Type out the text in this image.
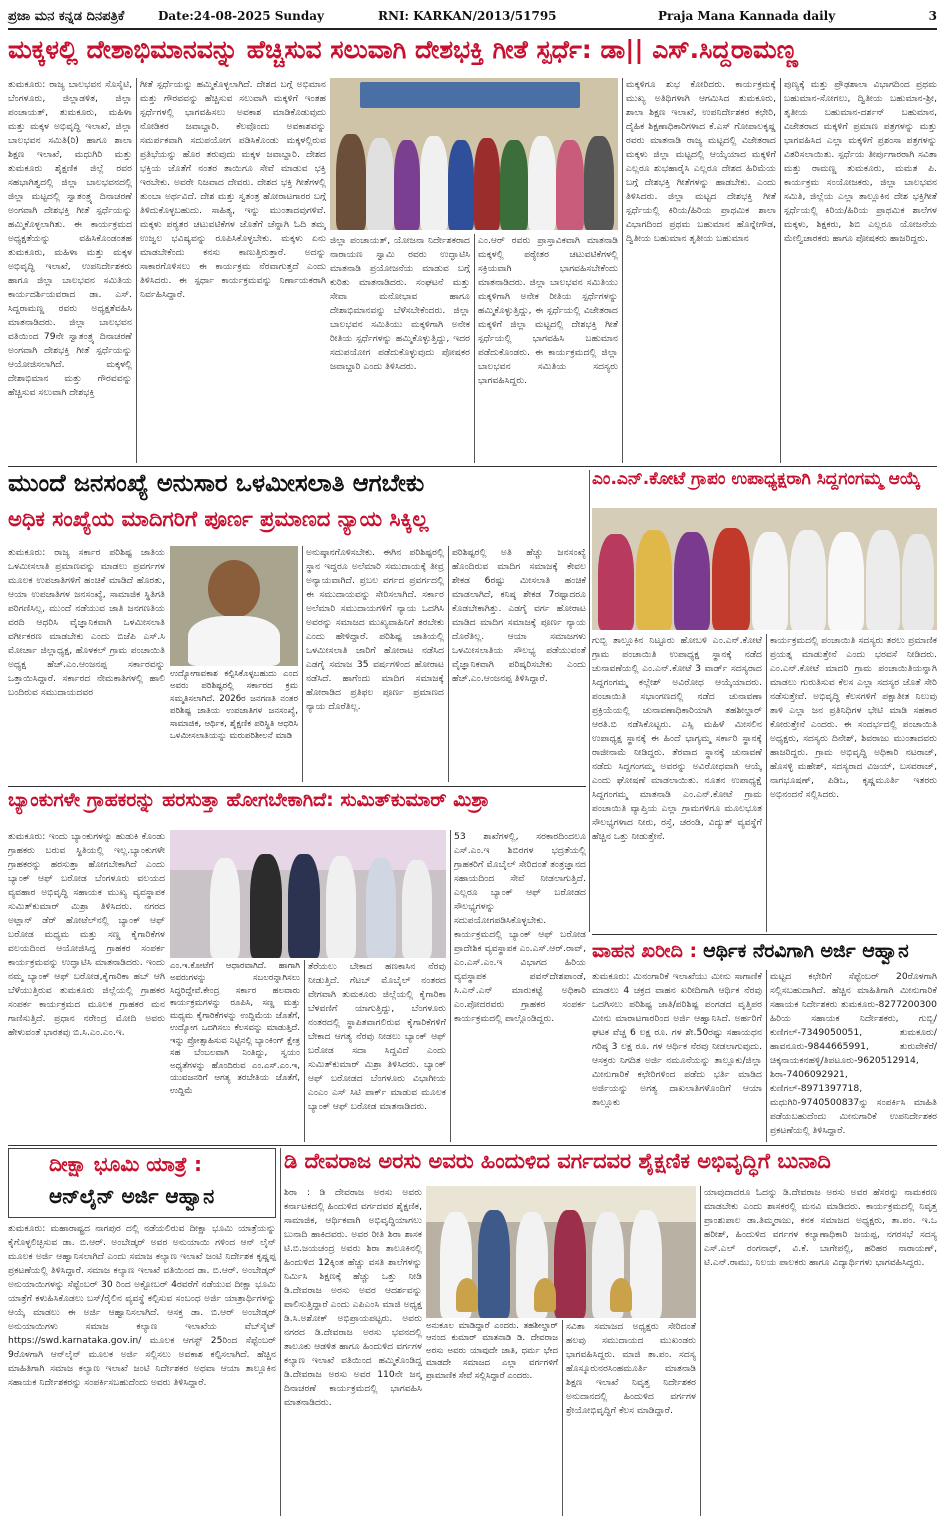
ಪ್ರಜಾ ಮನ ಕನ್ನಡ ದಿನಪತ್ರಿಕೆ	Date:24-08-2025 Sunday	RNI: KARKAN/2013/51795	Praja Mana Kannada daily	3
ಮಕ್ಕಳಲ್ಲಿ ದೇಶಾಭಿಮಾನವನ್ನು ಹೆಚ್ಚಿಸುವ ಸಲುವಾಗಿ ದೇಶಭಕ್ತಿ ಗೀತೆ ಸ್ಪರ್ಧೆ: ಡಾ|| ಎಸ್.ಸಿದ್ದರಾಮಣ್ಣ
ತುಮಕೂರು: ರಾಜ್ಯ ಬಾಲಭವನ ಸೊಸೈಟಿ, ಬೆಂಗಳೂರು, ಜಿಲ್ಲಾಡಳಿತ, ಜಿಲ್ಲಾ ಪಂಚಾಯತ್, ತುಮಕೂರು, ಮಹಿಳಾ ಮತ್ತು ಮಕ್ಕಳ ಅಭಿವೃದ್ಧಿ ಇಲಾಖೆ, ಜಿಲ್ಲಾ ಬಾಲಭವನ ಸಮಿತಿ(ರಿ) ಹಾಗೂ ಶಾಲಾ ಶಿಕ್ಷಣ ಇಲಾಖೆ, ಮಧುಗಿರಿ ಮತ್ತು ತುಮಕೂರು ಶೈಕ್ಷಣಿಕ ಜಿಲ್ಲೆ ರವರ ಸಹಭಾಗಿತ್ವದಲ್ಲಿ ಜಿಲ್ಲಾ ಬಾಲಭವನದಲ್ಲಿ ಜಿಲ್ಲಾ ಮಟ್ಟದಲ್ಲಿ ಸ್ವಾತಂತ್ರ್ಯ ದಿನಾಚರಣೆ ಅಂಗವಾಗಿ ದೇಶಭಕ್ತಿ ಗೀತೆ ಸ್ಪರ್ಧೆಯನ್ನು ಹಮ್ಮಿಕೊಳ್ಳಲಾಗಿತು. ಈ ಕಾರ್ಯಕ್ರಮದ ಅಧ್ಯಕ್ಷತೆಯನ್ನು ವಹಿಸಿಕೊಂಡಂತಹ ತುಮಕೂರು, ಮಹಿಳಾ ಮತ್ತು ಮಕ್ಕಳ ಅಭಿವೃದ್ಧಿ ಇಲಾಖೆ, ಉಪನಿರ್ದೇಶಕರು ಹಾಗೂ ಜಿಲ್ಲಾ ಬಾಲಭವನ ಸಮಿತಿಯ ಕಾರ್ಯದರ್ಶಿಯವರಾದ ಡಾ. ಎಸ್. ಸಿದ್ದರಾಮಣ್ಣ ರವರು ಅಧ್ಯಕ್ಷತೆವಹಿಸಿ ಮಾತನಾಡಿದರು. ಜಿಲ್ಲಾ ಬಾಲಭವನ ವತಿಯಿಂದ 79ನೇ ಸ್ವಾತಂತ್ರ್ಯ ದಿನಾಚರಣೆ ಅಂಗವಾಗಿ ದೇಶಭಕ್ತಿ ಗೀತೆ ಸ್ಪರ್ಧೆಯನ್ನು ಆಯೋಜಿಸಲಾಗಿದೆ. ಮಕ್ಕಳಲ್ಲಿ ದೇಶಾಭಿಮಾನ ಮತ್ತು ಗೌರವವನ್ನು ಹೆಚ್ಚಿಸುವ ಸಲುವಾಗಿ ದೇಶಭಕ್ತಿ
ಗೀತೆ ಸ್ಪರ್ಧೆಯನ್ನು ಹಮ್ಮಿಕೊಳ್ಳಲಾಗಿದೆ. ದೇಶದ ಬಗ್ಗೆ ಅಭಿಮಾನ ಮತ್ತು ಗೌರವವನ್ನು ಹೆಚ್ಚಿಸುವ ಸಲುವಾಗಿ ಮಕ್ಕಳಿಗೆ ಇಂತಹ ಸ್ಪರ್ಧೆಗಳಲ್ಲಿ ಭಾಗವಹಿಸಲು ಅವಕಾಶ ಮಾಡಿಕೊಡುವುದು ನೋಡಿಕರ ಜವಾಬ್ದಾರಿ. ಕೆಲವೊಂದು ಅವಕಾಶವನ್ನು ಸಮರ್ಪಕವಾಗಿ ಸದುಪಯೋಗ ಪಡಿಸಿಕೊಂಡು ಮಕ್ಕಳಲ್ಲಿರುವ ಪ್ರತಿಭೆಯನ್ನು ಹೊರ ತರುವುದು ಮಕ್ಕಳ ಜವಾಬ್ದಾರಿ. ದೇಶದ ಭಕ್ತಿಯ ಜೊತೆಗೆ ನಂತರ ತಾಯಿಗೂ ಸೇವೆ ಮಾಡುವ ಭಕ್ತಿ ಇರಬೇಕು. ಅವರೇ ನಿಜವಾದ ದೇವರು. ದೇಶದ ಭಕ್ತಿ ಗೀತೆಗಳಲ್ಲಿ ತುಂಬಾ ಅರ್ಥವಿದೆ. ದೇಶ ಮತ್ತು ಸ್ವತಂತ್ರ ಹೋರಾಟಗಾರರ ಬಗ್ಗೆ ತಿಳಿದುಕೊಳ್ಳಬಹುದು. ಸಾಹಿತ್ಯ, ಇನ್ನು ಮುಂತಾದವುಗಳಿವೆ. ಮಕ್ಕಳು ಪಠ್ಯತರ ಚಟುವಟಿಕೆಗಳ ಜೊತೆಗೆ ಚೆನ್ನಾಗಿ ಓದಿ ತಮ್ಮ ಉಜ್ವಲ ಭವಿಷ್ಯವನ್ನು ರೂಪಿಸಿಕೊಳ್ಳಬೇಕು. ಮಕ್ಕಳು ಏನು ಮಾಡಬೇಕೆಂದು ಕನಸು ಕಾಣುತ್ತಿರುತ್ತಾರೆ. ಅದನ್ನು ಸಾಕಾರಗೊಳಿಸಲು ಈ ಕಾರ್ಯಕ್ರಮ ನೆರವಾಗುತ್ತದೆ ಎಂದು ತಿಳಿಸಿದರು. ಈ ಸ್ಪರ್ಧಾ ಕಾರ್ಯಕ್ರಮವನ್ನು ನಿರ್ಣಾಯಕರಾಗಿ ನಿರ್ವಹಿಸಿದ್ದಾರೆ.
ಜಿಲ್ಲಾ ಪಂಚಾಯತ್, ಯೋಜನಾ ನಿರ್ದೇಶಕರಾದ ನಾರಾಯಣ ಸ್ವಾಮಿ ರವರು ಉದ್ಘಾಟಿಸಿ ಮಾತನಾಡಿ ಪ್ರಯೋಜನೆಯ ಮಾಡುವ ಬಗ್ಗೆ ಕುರಿತು ಮಾತನಾಡಿದರು. ಸಂಘಟನೆ ಮತ್ತು ಸೇವಾ ಮನೋಭಾವ ಹಾಗೂ ದೇಶಾಭಿಮಾನವನ್ನು ಬೆಳೆಸಬೇಕೆಂದರು. ಜಿಲ್ಲಾ ಬಾಲಭವನ ಸಮಿತಿಯು ಮಕ್ಕಳಿಗಾಗಿ ಅನೇಕ ರೀತಿಯ ಸ್ಪರ್ಧೆಗಳನ್ನು ಹಮ್ಮಿಕೊಳ್ಳುತ್ತಿದ್ದು, ಇದರ ಸದುಪಯೋಗ ಪಡೆದುಕೊಳ್ಳುವುದು ಪೋಷಕರ ಜವಾಬ್ದಾರಿ ಎಂದು ತಿಳಿಸಿದರು.
ಎಂ.ಆರ್ ರವರು ಪ್ರಾಸ್ತಾವಿಕವಾಗಿ ಮಾತನಾಡಿ ಮಕ್ಕಳಲ್ಲಿ ಪಠ್ಯೇತರ ಚಟುವಟಿಕೆಗಳಲ್ಲಿ ಸಕ್ರಿಯವಾಗಿ ಭಾಗವಹಿಸಬೇಕೆಂದು ಮಾತನಾಡಿದರು. ಜಿಲ್ಲಾ ಬಾಲಭವನ ಸಮಿತಿಯು ಮಕ್ಕಳಿಗಾಗಿ ಅನೇಕ ರೀತಿಯ ಸ್ಪರ್ಧೆಗಳನ್ನು ಹಮ್ಮಿಕೊಳ್ಳುತ್ತಿದ್ದು, ಈ ಸ್ಪರ್ಧೆಯಲ್ಲಿ ವಿಜೇತರಾದ ಮಕ್ಕಳಿಗೆ ಜಿಲ್ಲಾ ಮಟ್ಟದಲ್ಲಿ ದೇಶಭಕ್ತಿ ಗೀತೆ ಸ್ಪರ್ಧೆಯಲ್ಲಿ ಭಾಗವಹಿಸಿ ಬಹುಮಾನ ಪಡೆದುಕೊಂಡರು. ಈ ಕಾರ್ಯಕ್ರಮದಲ್ಲಿ ಜಿಲ್ಲಾ ಬಾಲಭವನ ಸಮಿತಿಯ ಸದಸ್ಯರು ಭಾಗವಹಿಸಿದ್ದರು.
ಮಕ್ಕಳಿಗೂ ಶುಭ ಕೋರಿದರು. ಕಾರ್ಯಕ್ರಮಕ್ಕೆ ಮುಖ್ಯ ಅತಿಥಿಗಳಾಗಿ ಆಗಮಿಸಿದ ತುಮಕೂರು, ಶಾಲಾ ಶಿಕ್ಷಣ ಇಲಾಖೆ, ಉಪನಿರ್ದೇಶಕರ ಕಛೇರಿ, ದೈಹಿಕ ಶಿಕ್ಷಣಾಧಿಕಾರಿಗಳಾದ ಕೆ.ಎಸ್ ಗೋಪಾಲಕೃಷ್ಣ ರವರು ಮಾತನಾಡಿ ರಾಜ್ಯ ಮಟ್ಟದಲ್ಲಿ ವಿಜೇತರಾದ ಮಕ್ಕಳು ಜಿಲ್ಲಾ ಮಟ್ಟದಲ್ಲಿ ಆಯ್ಕೆಯಾದ ಮಕ್ಕಳಿಗೆ ಎಲ್ಲರೂ ಶುಭಹಾರೈಸಿ ಎಲ್ಲರೂ ದೇಶದ ಹಿರಿಮೆಯ ಬಗ್ಗೆ ದೇಶಭಕ್ತಿ ಗೀತೆಗಳನ್ನು ಹಾಡಬೇಕು. ಎಂದು ತಿಳಿಸಿದರು. ಜಿಲ್ಲಾ ಮಟ್ಟದ ದೇಶಭಕ್ತಿ ಗೀತೆ ಸ್ಪರ್ಧೆಯಲ್ಲಿ ಕಿರಿಯ/ಹಿರಿಯ ಪ್ರಾಥಮಿಕ ಶಾಲಾ ವಿಭಾಗದಿಂದ ಪ್ರಥಮ ಬಹುಮಾನ ಹೊನ್ನೇಗೌಡ, ದ್ವಿತೀಯ ಬಹುಮಾನ ತೃತೀಯ ಬಹುಮಾನ
ಪುಣ್ಯಕ್ಕೆ ಮತ್ತು ಪ್ರೌಢಶಾಲಾ ವಿಭಾಗದಿಂದ ಪ್ರಥಮ ಬಹುಮಾನ-ಸೋಗಲು, ದ್ವಿತೀಯ ಬಹುಮಾನ-ಶ್ರೀ, ತೃತೀಯ ಬಹುಮಾನ-ದರ್ಶನ್ ಬಹುಮಾನ, ವಿಜೇತರಾದ ಮಕ್ಕಳಿಗೆ ಪ್ರಮಾಣ ಪತ್ರಗಳನ್ನು ಮತ್ತು ಭಾಗವಹಿಸಿದ ಎಲ್ಲಾ ಮಕ್ಕಳಿಗೆ ಪ್ರಶಂಸಾ ಪತ್ರಗಳನ್ನು ವಿತರಿಸಲಾಯಿತು. ಸ್ಪರ್ಧೆಯ ತೀರ್ಪುಗಾರರಾಗಿ ಸವಿತಾ ಮತ್ತು ರಾಮಣ್ಣ ತುಮಕೂರು, ಮಮತ ಪಿ. ಕಾರ್ಯಕ್ರಮ ಸಂಯೋಜಕರು, ಜಿಲ್ಲಾ ಬಾಲಭವನ ಸಮಿತಿ, ಜಿಲ್ಲೆಯ ಎಲ್ಲಾ ತಾಲ್ಲೂಕಿನ ದೇಶ ಭಕ್ತಿಗೀತೆ ಸ್ಪರ್ಧೆಯಲ್ಲಿ ಕಿರಿಯ/ಹಿರಿಯ ಪ್ರಾಥಮಿಕ ಶಾಲೆಗಳ ಮಕ್ಕಳು, ಶಿಕ್ಷಕರು, ಶಿಬಿ ಎಲ್ಲರೂ ಯೋಜನೆಯ ಮೇಲ್ವಿಚಾರಕರು ಹಾಗೂ ಪೋಷಕರು ಹಾಜರಿದ್ದರು.
ಮುಂದೆ ಜನಸಂಖ್ಯೆ ಅನುಸಾರ ಒಳಮೀಸಲಾತಿ ಆಗಬೇಕು
ಅಧಿಕ ಸಂಖ್ಯೆಯ ಮಾದಿಗರಿಗೆ ಪೂರ್ಣ ಪ್ರಮಾಣದ ನ್ಯಾಯ ಸಿಕ್ಕಿಲ್ಲ
ತುಮಕೂರು: ರಾಜ್ಯ ಸರ್ಕಾರ ಪರಿಶಿಷ್ಟ ಜಾತಿಯ ಒಳಮೀಸಲಾತಿ ಪ್ರಮಾಣವನ್ನು ಮಾಡಲು ಪ್ರವರ್ಗಗಳ ಮೂಲಕ ಉಪಜಾತಿಗಳಿಗೆ ಹಂಚಿಕೆ ಮಾಡಿದೆ ಹೊರತು, ಆಯಾ ಉಪಜಾತಿಗಳ ಜನಸಂಖ್ಯೆ, ಸಾಮಾಜಿಕ ಸ್ಥಿತಿಗತಿ ಪರಿಗಣಿಸಿಲ್ಲ, ಮುಂದೆ ನಡೆಯುವ ಜಾತಿ ಜನಗಣತಿಯ ವರದಿ ಆಧರಿಸಿ ವೈಜ್ಞಾನಿಕವಾಗಿ ಒಳಮೀಸಲಾತಿ ವರ್ಗೀಕರಣ ಮಾಡಬೇಕು ಎಂದು ಬಿಜೆಪಿ ಎಸ್.ಸಿ ಮೋರ್ಚಾ ಜಿಲ್ಲಾಧ್ಯಕ್ಷ, ಹೊಳಕಲ್ ಗ್ರಾಮ ಪಂಚಾಯಿತಿ ಅಧ್ಯಕ್ಷ ಹೆಚ್.ಎಂ.ಆಂಜನಪ್ಪ ಸರ್ಕಾರವನ್ನು ಒತ್ತಾಯಿಸಿದ್ದಾರೆ. ಸರ್ಕಾರದ ನೇಮಕಾತಿಗಳಲ್ಲಿ ಹಾಲಿ ಬಂದಿರುವ ಸಮುದಾಯದವರ
ಉದ್ಯೋಗಾವಕಾಶ ಕಲ್ಪಿಸಿಕೊಳ್ಳಬಹುದು ಎಂದ ಅವರು ಪರಿಶಿಷ್ಟರಲ್ಲಿ ಸರ್ಕಾರದ ಕ್ರಮ ಸಮ್ಮತಿಸಲಾಗಿದೆ. 2026ರ ಜನಗಣತಿ ನಂತರ ಪರಿಶಿಷ್ಟ ಜಾತಿಯ ಉಪಜಾತಿಗಳ ಜನಸಂಖ್ಯೆ, ಸಾಮಾಜಿಕ, ಆರ್ಥಿಕ, ಶೈಕ್ಷಣಿಕ ಪರಿಸ್ಥಿತಿ ಆಧರಿಸಿ ಒಳಮೀಸಲಾತಿಯನ್ನು ಮರುಪರಿಶೀಲನೆ ಮಾಡಿ
ಅನುಷ್ಠಾನಗೊಳಿಸಬೇಕು. ಈಗಿನ ಪರಿಶಿಷ್ಟರಲ್ಲಿ ಸ್ಥಾನ ಇದ್ದರೂ ಅಲೆಮಾರಿ ಸಮುದಾಯಕ್ಕೆ ತೀವ್ರ ಅನ್ಯಾಯವಾಗಿದೆ. ಪ್ರಬಲ ವರ್ಗದ ಪ್ರವರ್ಗದಲ್ಲಿ ಈ ಸಮುದಾಯವನ್ನು ಸೇರಿಸಲಾಗಿದೆ. ಸರ್ಕಾರ ಅಲೆಮಾರಿ ಸಮುದಾಯಗಳಿಗೆ ನ್ಯಾಯ ಒದಗಿಸಿ ಅವರನ್ನು ಸಮಾಜದ ಮುಖ್ಯವಾಹಿನಿಗೆ ತರಬೇಕು ಎಂದು ಹೇಳಿದ್ದಾರೆ. ಪರಿಶಿಷ್ಟ ಜಾತಿಯಲ್ಲಿ ಒಳಮೀಸಲಾತಿ ಜಾರಿಗೆ ಹೋರಾಟ ನಡೆಸಿದ ಎಡಗೈ ಸಮಾಜ 35 ವರ್ಷಗಳಿಂದ ಹೋರಾಟ ನಡೆಸಿದೆ. ಹಾಗೆಂದು ಮಾದಿಗ ಸಮಾಜಕ್ಕೆ ಹೋರಾಡಿದ ಪ್ರತಿಫಲ ಪೂರ್ಣ ಪ್ರಮಾಣದ ನ್ಯಾಯ ದೊರೆತಿಲ್ಲ.
ಪರಿಶಿಷ್ಟರಲ್ಲಿ ಅತಿ ಹೆಚ್ಚು ಜನಸಂಖ್ಯೆ ಹೊಂದಿರುವ ಮಾದಿಗ ಸಮಾಜಕ್ಕೆ ಕೇವಲ ಶೇಕಡ 6ರಷ್ಟು ಮೀಸಲಾತಿ ಹಂಚಿಕೆ ಮಾಡಲಾಗಿದೆ, ಕನಿಷ್ಠ ಶೇಕಡ 7ರಷ್ಟಾದರೂ ಕೊಡಬೇಕಾಗಿತ್ತು. ಎಡಗೈ ವರ್ಗ ಹೋರಾಟ ಮಾಡಿದ ಮಾದಿಗ ಸಮಾಜಕ್ಕೆ ಪೂರ್ಣ ನ್ಯಾಯ ದೊರೆತಿಲ್ಲ. ಆಯಾ ಸಮಾಜಗಳು ಒಳಮೀಸಲಾತಿಯ ಸೌಲಭ್ಯ ಪಡೆಯುವಂತೆ ವೈಜ್ಞಾನಿಕವಾಗಿ ಪರಿಷ್ಕರಿಸಬೇಕು ಎಂದು ಹೆಚ್.ಎಂ.ಆಂಜನಪ್ಪ ತಿಳಿಸಿದ್ದಾರೆ.
ಎಂ.ಎನ್.ಕೋಟೆ ಗ್ರಾಪಂ ಉಪಾಧ್ಯಕ್ಷರಾಗಿ ಸಿದ್ದಗಂಗಮ್ಮ ಆಯ್ಕೆ
ಗುಬ್ಬಿ ತಾಲ್ಲೂಕಿನ ನಿಟ್ಟೂರು ಹೋಬಳಿ ಎಂ.ಎನ್.ಕೋಟೆ ಗ್ರಾಮ ಪಂಚಾಯಿತಿ ಉಪಾಧ್ಯಕ್ಷ ಸ್ಥಾನಕ್ಕೆ ನಡೆದ ಚುನಾವಣೆಯಲ್ಲಿ ಎಂ.ಎನ್.ಕೋಟೆ 3 ವಾರ್ಡ್ ಸದಸ್ಯರಾದ ಸಿದ್ದಗಂಗಮ್ಮ ಕಲ್ಲೇಶ್ ಅವಿರೋಧ ಆಯ್ಕೆಯಾದರು. ಪಂಚಾಯಿತಿ ಸಭಾಂಗಣದಲ್ಲಿ ನಡೆದ ಚುನಾವಣಾ ಪ್ರಕ್ರಿಯೆಯಲ್ಲಿ ಚುನಾವಣಾಧಿಕಾರಿಯಾಗಿ ತಹಶೀಲ್ದಾರ್ ಆರತಿ.ಬಿ ನಡೆಸಿಕೊಟ್ಟರು. ಎಸ್ಸಿ ಮಹಿಳೆ ಮೀಸಲಿನ ಉಪಾಧ್ಯಕ್ಷ ಸ್ಥಾನಕ್ಕೆ ಈ ಹಿಂದೆ ಭಾಗ್ಯಮ್ಮ ಸರ್ಕಾರಿ ಸ್ಥಾನಕ್ಕೆ ರಾಜೀನಾಮೆ ನೀಡಿದ್ದರು. ತೆರವಾದ ಸ್ಥಾನಕ್ಕೆ ಚುನಾವಣೆ ನಡೆದು ಸಿದ್ದಗಂಗಮ್ಮ ಅವರನ್ನು ಅವಿರೋಧವಾಗಿ ಆಯ್ಕೆ ಎಂದು ಘೋಷಣೆ ಮಾಡಲಾಯಿತು. ನೂತನ ಉಪಾಧ್ಯಕ್ಷೆ ಸಿದ್ದಗಂಗಮ್ಮ ಮಾತನಾಡಿ ಎಂ.ಎನ್.ಕೋಟೆ ಗ್ರಾಮ ಪಂಚಾಯಿತಿ ವ್ಯಾಪ್ತಿಯ ಎಲ್ಲಾ ಗ್ರಾಮಗಳಿಗೂ ಮೂಲಭೂತ ಸೌಲಭ್ಯಗಳಾದ ನೀರು, ರಸ್ತೆ, ಚರಂಡಿ, ವಿದ್ಯುತ್ ವ್ಯವಸ್ಥೆಗೆ ಹೆಚ್ಚಿನ ಒತ್ತು ನೀಡುತ್ತೇನೆ.
ಕಾರ್ಯಕ್ರಮದಲ್ಲಿ ಪಂಚಾಯಿತಿ ಸದಸ್ಯರು ತರಲು ಪ್ರಮಾಣಿಕ ಪ್ರಯತ್ನ ಮಾಡುತ್ತೇನೆ ಎಂದು ಭರವಸೆ ನೀಡಿದರು. ಎಂ.ಎನ್.ಕೋಟೆ ಮಾದರಿ ಗ್ರಾಮ ಪಂಚಾಯಿತಿಯನ್ನಾಗಿ ಮಾಡಲು ಗುರುತಿಸುವ ಕೆಲಸ ಎಲ್ಲಾ ಸದಸ್ಯರ ಜೊತೆ ಸೇರಿ ನಡೆಸುತ್ತೇವೆ. ಅಭಿವೃದ್ಧಿ ಕೆಲಸಗಳಿಗೆ ಪಕ್ಷಾತೀತ ನಿಲುವು ತಾಳಿ ಎಲ್ಲಾ ಜನ ಪ್ರತಿನಿಧಿಗಳ ಭೇಟಿ ಮಾಡಿ ಸಹಕಾರ ಕೋರುತ್ತೇನೆ ಎಂದರು. ಈ ಸಂದರ್ಭದಲ್ಲಿ ಪಂಚಾಯಿತಿ ಅಧ್ಯಕ್ಷರು, ಸದಸ್ಯರು ದಿನೇಶ್, ಶಿವರಾಜು ಮುಂತಾದವರು ಹಾಜರಿದ್ದರು. ಗ್ರಾಮ ಅಭಿವೃದ್ಧಿ ಅಧಿಕಾರಿ ನಟರಾಜ್, ಹೊಸಳ್ಳಿ ಮಹೇಶ್, ಸದಸ್ಯರಾದ ವಿಜಯ್, ಬಸವರಾಜ್, ನಾಗಭೂಷಣ್, ಪಿಡಿಒ, ಕೃಷ್ಣಮೂರ್ತಿ ಇತರರು ಅಭಿನಂದನೆ ಸಲ್ಲಿಸಿದರು.
ಬ್ಯಾಂಕುಗಳೇ ಗ್ರಾಹಕರನ್ನು ಹರಸುತ್ತಾ ಹೋಗಬೇಕಾಗಿದೆ: ಸುಮಿತ್‌ಕುಮಾರ್ ಮಿಶ್ರಾ
ತುಮಕೂರು: ಇಂದು ಬ್ಯಾಂಕುಗಳನ್ನು ಹುಡುಕಿ ಕೊಂಡು ಗ್ರಾಹಕರು ಬರುವ ಸ್ಥಿತಿಯಲ್ಲಿ ಇಲ್ಲ.ಬ್ಯಾಂಕುಗಳೇ ಗ್ರಾಹಕರನ್ನು ಹರಸುತ್ತಾ ಹೋಗಬೇಕಾಗಿದೆ ಎಂದು ಬ್ಯಾಂಕ್ ಆಫ್ ಬರೋಡ ಬೆಂಗಳೂರು ವಲಯದ ವ್ಯವಹಾರ ಅಭಿವೃದ್ಧಿ ಸಹಾಯಕ ಮುಖ್ಯ ವ್ಯವಸ್ಥಾಪಕ ಸುಮಿತ್‌ಕುಮಾರ್ ಮಿಶ್ರಾ ತಿಳಿಸಿದರು. ನಗರದ ಅಟ್ಲಾನ್ ಡೆರ್ ಹೋಟೆಲ್‌ನಲ್ಲಿ ಬ್ಯಾಂಕ್ ಆಫ್ ಬರೋಡ ಮಧ್ಯಮ ಮತ್ತು ಸಣ್ಣ ಕೈಗಾರಿಕೆಗಳ ವಲಯದಿಂದ ಆಯೋಜಿಸಿದ್ದ ಗ್ರಾಹಕರ ಸಂಪರ್ಕ ಕಾರ್ಯಕ್ರಮವನ್ನು ಉದ್ಘಾಟಿಸಿ ಮಾತನಾಡಿದರು. ಇಂದು ನಮ್ಮ ಬ್ಯಾಂಕ್ ಆಫ್ ಬರೋಡ,ಕೈಗಾರಿಕಾ ಹಬ್ ಆಗಿ ಬೆಳೆಯುತ್ತಿರುವ ತುಮಕೂರು ಜಿಲ್ಲೆಯಲ್ಲಿ ಗ್ರಾಹಕರ ಸಂಪರ್ಕ ಕಾರ್ಯಕ್ರಮದ ಮೂಲಕ ಗ್ರಾಹಕರ ಮನ ಗಾಣಿಸುತ್ತಿದೆ. ಪ್ರಧಾನ ನರೇಂದ್ರ ಮೋದಿ ಅವರು ಹೇಳುವಂತೆ ಭಾರತವು ಬಿ.ಸಿ.ಎಂ.ಎಂ.ಇ.
ಎಂ.ಇ.ಕೋಟೆಗೆ ಆಧಾರವಾಗಿದೆ. ಹಾಗಾಗಿ ಅವರುಗಳನ್ನು ಸಬಲರನ್ನಾಗಿಸಲು ಸಿದ್ಧರಿದ್ದೇವೆ.ಕೇಂದ್ರ ಸರ್ಕಾರ ಹಲವಾರು ಕಾರ್ಯಕ್ರಮಗಳನ್ನು ರೂಪಿಸಿ, ಸಣ್ಣ ಮತ್ತು ಮಧ್ಯಮ ಕೈಗಾರಿಕೆಗಳನ್ನು ಉದ್ದಿಮೆಯ ಜೊತೆಗೆ, ಉದ್ಯೋಗ ಒದಗಿಸಲು ಕೆಲಸವನ್ನು ಮಾಡುತ್ತಿದೆ. ಇನ್ನು ಪ್ರೋತ್ಸಾಹಿಸುವ ನಿಟ್ಟಿನಲ್ಲಿ ಬ್ಯಾಂಕಿಂಗ್ ಕ್ಷೇತ್ರ ಸಹ ಬೆಂಬಲವಾಗಿ ನಿಂತಿದ್ದು, ಸ್ವಯಂ ಅಧ್ಯತೆಗಳನ್ನು ಹೊಂದಿರುವ ಎಂ.ಎಸ್.ಎಂ.ಇ, ಯುವಜನರಿಗೆ ಆಗತ್ಯ ತರಬೇತಿಯ ಜೊತೆಗೆ, ಉದ್ದಿಮೆ
ತೆರೆಯಲು ಬೇಕಾದ ಹಣಕಾಸಿನ ನೆರವು ನೀಡುತ್ತಿದೆ. ಗೆಟಬ್ ಮೊಬೈಲ್ ನಂತರದ ವೇಗವಾಗಿ ತುಮಕೂರು ಜಿಲ್ಲೆಯಲ್ಲಿ ಕೈಗಾರಿಕಾ ಬೆಳವಣಿಗೆ ಯಾಗುತ್ತಿದ್ದು, ಬೆಂಗಳೂರು ನಂತರದಲ್ಲಿ ಸ್ಥಾಪಿತವಾಗಲಿರುವ ಕೈಗಾರಿಕೆಗಳಿಗೆ ಬೇಕಾದ ಆಗತ್ಯ ನೆರವು ನೀಡಲು ಬ್ಯಾಂಕ್ ಆಫ್ ಬರೋಡ ಸದಾ ಸಿದ್ದವಿದೆ ಎಂದು ಸುಮಿತ್‌ಕುಮಾರ್ ಮಿಶ್ರಾ ತಿಳಿಸಿದರು. ಬ್ಯಾಂಕ್ ಆಫ್ ಬರೋಡದ ಬೆಂಗಳೂರು ವಿಭಾಗೀಯ ಎಂಎಂ ಎಸ್ ಸಿಟಿ ಪಾರ್ಕ್ ಮಾಡುವ ಮೂಲಕ ಬ್ಯಾಂಕ್ ಆಫ್ ಬರೋಡ ಮಾತನಾಡಿದರು.
53 ಶಾಖೆಗಳಲ್ಲಿ, ಸರಕಾರದಿಂದಲೂ ಎಸ್.ಎಂ.ಇ ಶಿಬಿರಗಳ ಭದ್ರತೆಯಲ್ಲಿ ಗ್ರಾಹಕರಿಗೆ ಮೊಬೈಲ್ ಸೇರಿದಂತೆ ತಂತ್ರಜ್ಞಾನದ ಸಹಾಯದಿಂದ ಸೇವೆ ನೀಡಲಾಗುತ್ತಿದೆ. ಎಲ್ಲರೂ ಬ್ಯಾಂಕ್ ಆಫ್ ಬರೋಡದ ಸೌಲಭ್ಯಗಳನ್ನು ಸದುಪಯೋಗಪಡಿಸಿಕೊಳ್ಳಬೇಕು. ಕಾರ್ಯಕ್ರಮದಲ್ಲಿ ಬ್ಯಾಂಕ್ ಆಫ್ ಬರೋಡ ಪ್ರಾದೇಶಿಕ ವ್ಯವಸ್ಥಾಪಕ ಎಂ.ಎಸ್.ಆರ್.ರಾವ್, ಎಂ.ಎಸ್.ಎಂ.ಇ ವಿಭಾಗದ ಹಿರಿಯ ವ್ಯವಸ್ಥಾಪಕ ಪವನ್‌ದೇಶಪಾಂಡೆ, ಸಿ.ಎನ್.ಎನ್ ಮಾರುಕಟ್ಟೆ ಅಧಿಕಾರಿ ಎಂ.ಪೋದರವರು ಗ್ರಾಹಕರ ಸಂಪರ್ಕ ಕಾರ್ಯಕ್ರಮದಲ್ಲಿ ಪಾಲ್ಗೊಂಡಿದ್ದರು.
ವಾಹನ ಖರೀದಿ : ಆರ್ಥಿಕ ನೆರವಿಗಾಗಿ ಅರ್ಜಿ ಆಹ್ವಾನ
ತುಮಕೂರು: ಮಿನಂಗಾರಿಕೆ ಇಲಾಖೆಯು ಮೀನು ಸಾಗಾಣಿಕೆ ಮಾಡಲು 4 ಚಕ್ರದ ವಾಹನ ಖರೀದಿಗಾಗಿ ಆರ್ಥಿಕ ನೆರವು ಒದಗಿಸಲು ಪರಿಶಿಷ್ಟ ಜಾತಿ/ಪರಿಶಿಷ್ಟ ಪಂಗಡದ ವೃತ್ತಿಪರ ಮೀನು ಮಾರಾಟಗಾರರಿಂದ ಅರ್ಜಿ ಆಹ್ವಾನಿಸಿದೆ. ಅರ್ಹರಿಗೆ ಘಟಕ ವೆಚ್ಚ 6 ಲಕ್ಷ ರೂ. ಗಳ ಶೇ.50ರಷ್ಟು ಸಹಾಯಧನ ಗರಿಷ್ಠ 3 ಲಕ್ಷ ರೂ. ಗಳ ಆರ್ಥಿಕ ನೆರವು ನೀಡಲಾಗುವುದು. ಆಸಕ್ತರು ನಿಗದಿತ ಅರ್ಜಿ ನಮೂನೆಯನ್ನು ತಾಲ್ಲೂಕು/ಜಿಲ್ಲಾ ಮೀನುಗಾರಿಕೆ ಕಛೇರಿಗಳಿಂದ ಪಡೆದು ಭರ್ತಿ ಮಾಡಿದ ಅರ್ಜಿಯನ್ನು ಅಗತ್ಯ ದಾಖಲಾತಿಗಳೊಂದಿಗೆ ಆಯಾ ತಾಲ್ಲೂಕು
ಮಟ್ಟದ ಕಛೇರಿಗೆ ಸೆಪ್ಟೆಂಬರ್ 20ರೊಳಗಾಗಿ ಸಲ್ಲಿಸಬಹುದಾಗಿದೆ. ಹೆಚ್ಚಿನ ಮಾಹಿತಿಗಾಗಿ ಮೀನುಗಾರಿಕೆ ಸಹಾಯಕ ನಿರ್ದೇಶಕರು ತುಮಕೂರು-8277200300 ಹಿರಿಯ ಸಹಾಯಕ ನಿರ್ದೇಶಕರು, ಗುಬ್ಬಿ/ಕುಣಿಗಲ್-7349050051, ತುಮಕೂರು/ಹಾವನೂರು-9844665991, ತುರುವೇಕೆರೆ/ಚಿಕ್ಕನಾಯಕನಹಳ್ಳಿ/ತಿಪಟೂರು-9620512914, ಶಿರಾ-7406092921, ಕುಣಿಗಲ್-8971397718, ಮಧುಗಿರಿ-9740500837ನ್ನು ಸಂಪರ್ಕಿಸಿ ಮಾಹಿತಿ ಪಡೆಯಬಹುದೆಂದು ಮೀನುಗಾರಿಕೆ ಉಪನಿರ್ದೇಶಕರ ಪ್ರಕಟಣೆಯಲ್ಲಿ ತಿಳಿಸಿದ್ದಾರೆ.
ದೀಕ್ಷಾ ಭೂಮಿ ಯಾತ್ರೆ :
ಆನ್‌ಲೈನ್ ಅರ್ಜಿ ಆಹ್ವಾನ
ತುಮಕೂರು: ಮಹಾರಾಷ್ಟ್ರದ ನಾಗಪುರ ದಲ್ಲಿ ನಡೆಯಲಿರುವ ದೀಕ್ಷಾ ಭೂಮಿ ಯಾತ್ರೆಯನ್ನು ಕೈಗೊಳ್ಳಲಿಚ್ಛಿಸುವ ಡಾ. ಬಿ.ಆರ್. ಅಂಬೇಡ್ಕರ್ ಅವರ ಅನುಯಾಯಿ ಗಳಿಂದ ಆನ್ ಲೈನ್ ಮೂಲಕ ಅರ್ಜಿ ಆಹ್ವಾನಿಸಲಾಗಿದೆ ಎಂದು ಸಮಾಜ ಕಲ್ಯಾಣ ಇಲಾಖೆ ಜಂಟಿ ನಿರ್ದೇಶಕ ಕೃಷ್ಣಪ್ಪ ಪ್ರಕಟಣೆಯಲ್ಲಿ ತಿಳಿಸಿದ್ದಾರೆ. ಸಮಾಜ ಕಲ್ಯಾಣ ಇಲಾಖೆ ವತಿಯಿಂದ ಡಾ. ಬಿ.ಆರ್. ಅಂಬೇಡ್ಕರ್ ಅನುಯಾಯಿಗಳನ್ನು ಸೆಪ್ಟೆಂಬರ್ 30 ರಿಂದ ಅಕ್ಟೋಬರ್ 4ರವರೆಗೆ ನಡೆಯುವ ದೀಕ್ಷಾ ಭೂಮಿ ಯಾತ್ರೆಗೆ ಕಳುಹಿಸಿಕೊಡಲು ಬಸ್/ರೈಲಿನ ವ್ಯವಸ್ಥೆ ಕಲ್ಪಿಸುವ ಸಂಬಂಧ ಅರ್ಜಿ ಯಾತ್ರಾರ್ಥಿಗಳನ್ನು ಆಯ್ಕೆ ಮಾಡಲು ಈ ಅರ್ಜಿ ಆಹ್ವಾನಿಸಲಾಗಿದೆ. ಆಸಕ್ತ ಡಾ. ಬಿ.ಆರ್ ಅಂಬೇಡ್ಕರ್ ಅನುಯಾಯಿಗಳು ಸಮಾಜ ಕಲ್ಯಾಣ ಇಲಾಖೆಯ ವೆಬ್‌ಸೈಟ್ https://swd.karnataka.gov.in/ ಮೂಲಕ ಆಗಸ್ಟ್ 25ರಿಂದ ಸೆಪ್ಟೆಂಬರ್ 9ರೊಳಗಾಗಿ ಆನ್‌ಲೈನ್ ಮೂಲಕ ಅರ್ಜಿ ಸಲ್ಲಿಸಲು ಅವಕಾಶ ಕಲ್ಪಿಸಲಾಗಿದೆ. ಹೆಚ್ಚಿನ ಮಾಹಿತಿಗಾಗಿ ಸಮಾಜ ಕಲ್ಯಾಣ ಇಲಾಖೆ ಜಂಟಿ ನಿರ್ದೇಶಕರ ಅಥವಾ ಆಯಾ ತಾಲ್ಲೂಕಿನ ಸಹಾಯಕ ನಿರ್ದೇಶಕರನ್ನು ಸಂಪರ್ಕಿಸಬಹುದೆಂದು ಅವರು ತಿಳಿಸಿದ್ದಾರೆ.
ಡಿ ದೇವರಾಜ ಅರಸು ಅವರು ಹಿಂದುಳಿದ ವರ್ಗದವರ ಶೈಕ್ಷಣಿಕ ಅಭಿವೃದ್ಧಿಗೆ ಬುನಾದಿ
ಶಿರಾ : ಡಿ ದೇವರಾಜ ಅರಸು ಅವರು ಕರ್ನಾಟಕದಲ್ಲಿ ಹಿಂದುಳಿದ ವರ್ಗದವರ ಶೈಕ್ಷಣಿಕ, ಸಾಮಾಜಿಕ, ಆರ್ಥಿಕವಾಗಿ ಅಭಿವೃದ್ಧಿಯಾಗಲು ಬುನಾದಿ ಹಾಕಿದವರು. ಅವರ ರೀತಿ ಶಿರಾ ಶಾಸಕ ಟಿ.ಬಿ.ಜಯಚಂದ್ರ ಅವರು ಶಿರಾ ತಾಲೂಕಿನಲ್ಲಿ ಹಿಂದುಳಿದ 12ಕ್ಕಿಂತ ಹೆಚ್ಚು ವಸತಿ ಶಾಲೆಗಳನ್ನು ನಿರ್ಮಿಸಿ ಶಿಕ್ಷಣಕ್ಕೆ ಹೆಚ್ಚು ಒತ್ತು ನೀಡಿ ಡಿ.ದೇವರಾಜ ಅರಸು ಅವರ ಆದರ್ಶವನ್ನು ಪಾಲಿಸುತ್ತಿದ್ದಾರೆ ಎಂದು ಎಪಿಎಂಸಿ ಮಾಜಿ ಅಧ್ಯಕ್ಷ ಡಿ.ಸಿ.ಅಶೋಕ್ ಅಭಿಪ್ರಾಯಪಟ್ಟರು. ಅವರು ನಗರದ ಡಿ.ದೇವರಾಜ ಅರಸು ಭವನದಲ್ಲಿ ತಾಲೂಕು ಆಡಳಿತ ಹಾಗೂ ಹಿಂದುಳಿದ ವರ್ಗಗಳ ಕಲ್ಯಾಣ ಇಲಾಖೆ ವತಿಯಿಂದ ಹಮ್ಮಿಕೊಂಡಿದ್ದ ಡಿ.ದೇವರಾಜ ಅರಸು ಅವರ 110ನೇ ಜನ್ಮ ದಿನಾಚರಣೆ ಕಾರ್ಯಕ್ರಮದಲ್ಲಿ ಭಾಗವಹಿಸಿ ಮಾತನಾಡಿದರು.
ಅನುಕೂಲ ಮಾಡಿದ್ದಾರೆ ಎಂದರು. ತಹಶೀಲ್ದಾರ್ ಆನಂದ ಕುಮಾರ್ ಮಾತನಾಡಿ ಡಿ. ದೇವರಾಜ ಅರಸು ಅವರು ಯಾವುದೇ ಜಾತಿ, ಧರ್ಮ ಭೇದ ಮಾಡದೇ ಸಮಾಜದ ಎಲ್ಲಾ ವರ್ಗಗಳಿಗೆ ಪ್ರಾಮಾಣಿಕ ಸೇವೆ ಸಲ್ಲಿಸಿದ್ದಾರೆ ಎಂದರು.
ಸವಿತಾ ಸಮಾಜದ ಅಧ್ಯಕ್ಷರು ಸೇರಿದಂತೆ ಹಲವು ಸಮುದಾಯದ ಮುಖಂಡರು ಭಾಗವಹಿಸಿದ್ದರು. ಮಾಜಿ ತಾ.ಪಂ. ಸದಸ್ಯ ಹೊಸ್ಕೂರುನರಸಿಂಹಮೂರ್ತಿ ಮಾತನಾಡಿ ಶಿಕ್ಷಣ ಇಲಾಖೆ ನಿವೃತ್ತ ನಿರ್ದೇಶಕರ ಅನುದಾನದಲ್ಲಿ ಹಿಂದುಳಿದ ವರ್ಗಗಳ ಶ್ರೇಯೋಭಿವೃದ್ಧಿಗೆ ಕೆಲಸ ಮಾಡಿದ್ದಾರೆ.
ಯಾವುದಾದರೂ ಓದನ್ನು ಡಿ.ದೇವರಾಜ ಅರಸು ಅವರ ಹೆಸರನ್ನು ನಾಮಕರಣ ಮಾಡಬೇಕು ಎಂದು ಶಾಸಕರಲ್ಲಿ ಮನವಿ ಮಾಡಿದರು. ಕಾರ್ಯಕ್ರಮದಲ್ಲಿ ನಿವೃತ್ತ ಪ್ರಾಂಶುಪಾಲ ಡಾ.ತಿಮ್ಮರಾಜು, ಕನಕ ಸಮಾಜದ ಅಧ್ಯಕ್ಷರು, ತಾ.ಪಂ. ಇ.ಒ ಹರೀಶ್, ಹಿಂದುಳಿದ ವರ್ಗಗಳ ಕಲ್ಯಾಣಾಧಿಕಾರಿ ಜಯಪ್ಪ, ನಗರಸಭೆ ಸದಸ್ಯ ಎಸ್.ಎಲ್ ರಂಗನಾಥ್, ವಿ.ಕೆ. ಬಾಗೇಪಲ್ಲಿ, ಹರಿಹರ ನಾರಾಯಣ್, ಟಿ.ಎನ್.ರಾಮು, ನಿಲಯ ಪಾಲಕರು ಹಾಗೂ ವಿದ್ಯಾರ್ಥಿಗಳು ಭಾಗವಹಿಸಿದ್ದರು.
